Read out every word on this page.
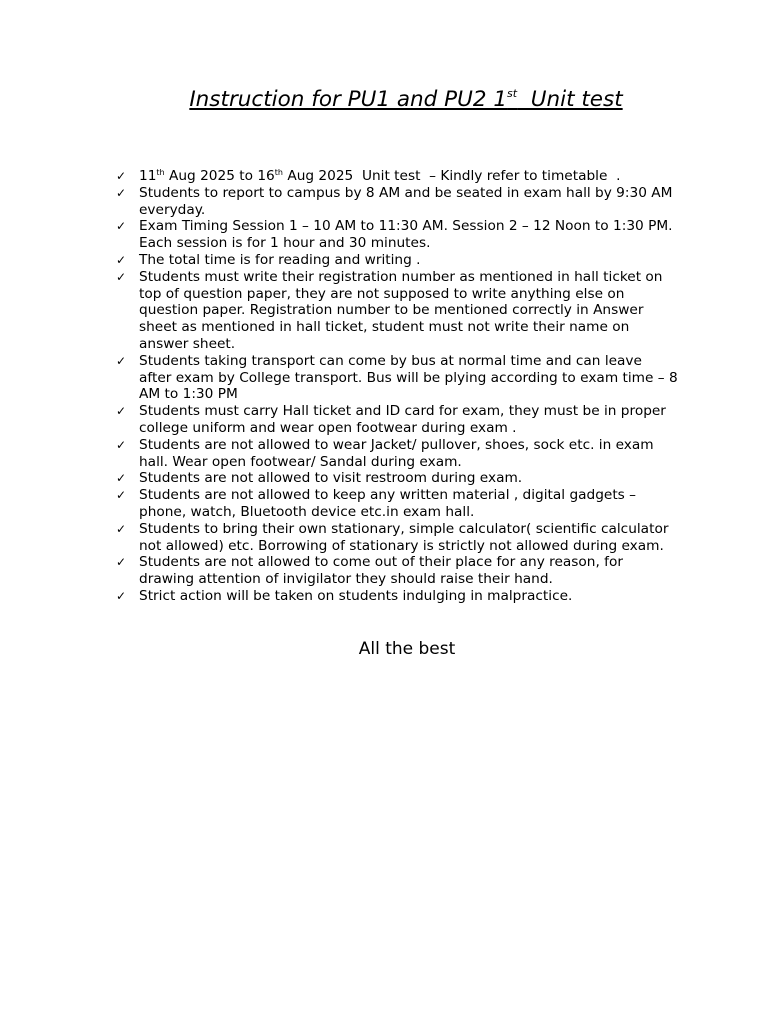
Instruction for PU1 and PU2 1st  Unit test
✓ 11th Aug 2025 to 16th Aug 2025  Unit test  – Kindly refer to timetable  .
✓ Students to report to campus by 8 AM and be seated in exam hall by 9:30 AM everyday.
✓ Exam Timing Session 1 – 10 AM to 11:30 AM. Session 2 – 12 Noon to 1:30 PM.
Each session is for 1 hour and 30 minutes.
✓ The total time is for reading and writing .
✓ Students must write their registration number as mentioned in hall ticket on top of question paper, they are not supposed to write anything else on question paper. Registration number to be mentioned correctly in Answer sheet as mentioned in hall ticket, student must not write their name on answer sheet.
✓ Students taking transport can come by bus at normal time and can leave after exam by College transport. Bus will be plying according to exam time – 8 AM to 1:30 PM
✓ Students must carry Hall ticket and ID card for exam, they must be in proper college uniform and wear open footwear during exam .
✓ Students are not allowed to wear Jacket/ pullover, shoes, sock etc. in exam hall. Wear open footwear/ Sandal during exam.
✓ Students are not allowed to visit restroom during exam.
✓ Students are not allowed to keep any written material , digital gadgets – phone, watch, Bluetooth device etc.in exam hall.
✓ Students to bring their own stationary, simple calculator( scientific calculator not allowed) etc. Borrowing of stationary is strictly not allowed during exam.
✓ Students are not allowed to come out of their place for any reason, for drawing attention of invigilator they should raise their hand.
✓ Strict action will be taken on students indulging in malpractice.
All the best
